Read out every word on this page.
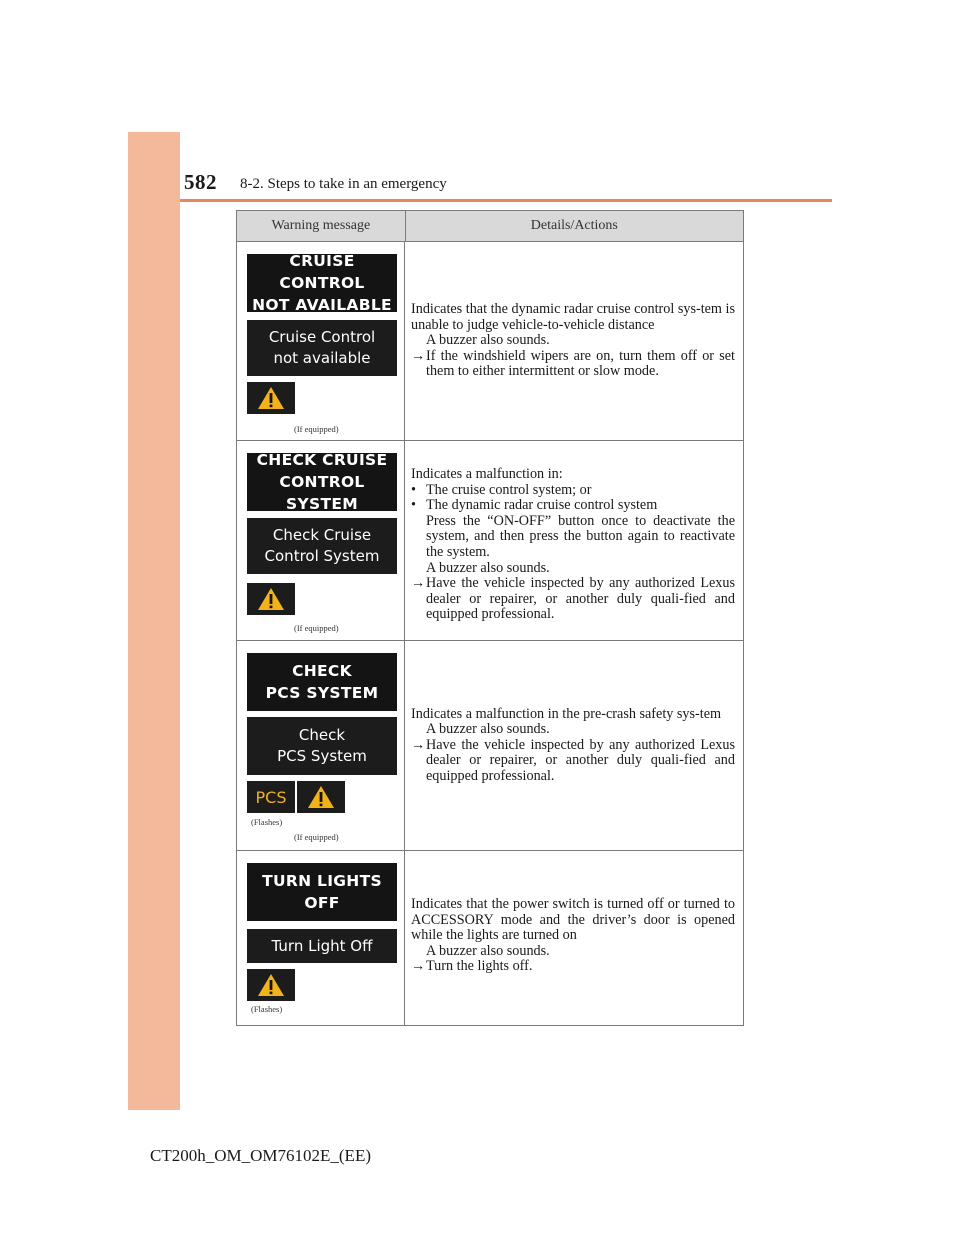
582 8-2. Steps to take in an emergency
Warning message	Details/Actions
CRUISE CONTROL
NOT AVAILABLE
Cruise Control
not available
(If equipped)

Indicates that the dynamic radar cruise control sys-tem is unable to judge vehicle-to-vehicle distance

A buzzer also sounds.

→ If the windshield wipers are on, turn them off or set them to either intermittent or slow mode.
CHECK CRUISE
CONTROL SYSTEM
Check Cruise
Control System
(If equipped)

Indicates a malfunction in:

• The cruise control system; or
• The dynamic radar cruise control system

Press the “ON-OFF” button once to deactivate the system, and then press the button again to reactivate the system.

A buzzer also sounds.

→ Have the vehicle inspected by any authorized Lexus dealer or repairer, or another duly quali-fied and equipped professional.
CHECK
PCS SYSTEM
Check
PCS System
PCS
(Flashes)
(If equipped)

Indicates a malfunction in the pre-crash safety sys-tem

A buzzer also sounds.

→ Have the vehicle inspected by any authorized Lexus dealer or repairer, or another duly quali-fied and equipped professional.
TURN LIGHTS
OFF
Turn Light Off
(Flashes)

Indicates that the power switch is turned off or turned to ACCESSORY mode and the driver’s door is opened while the lights are turned on

A buzzer also sounds.

→ Turn the lights off.
CT200h_OM_OM76102E_(EE)
